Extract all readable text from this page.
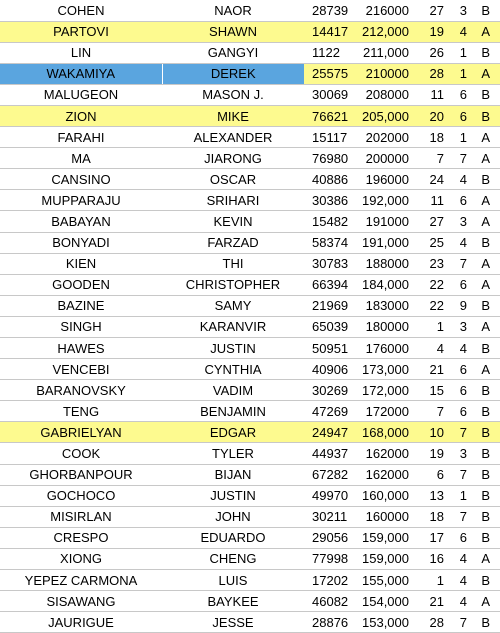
COHEN	NAOR	28739	216000	27	3	B
PARTOVI	SHAWN	14417	212,000	19	4	A
LIN	GANGYI	1122	211,000	26	1	B
WAKAMIYA	DEREK	25575	210000	28	1	A
MALUGEON	MASON J.	30069	208000	11	6	B
ZION	MIKE	76621	205,000	20	6	B
FARAHI	ALEXANDER	15117	202000	18	1	A
MA	JIARONG	76980	200000	7	7	A
CANSINO	OSCAR	40886	196000	24	4	B
MUPPARAJU	SRIHARI	30386	192,000	11	6	A
BABAYAN	KEVIN	15482	191000	27	3	A
BONYADI	FARZAD	58374	191,000	25	4	B
KIEN	THI	30783	188000	23	7	A
GOODEN	CHRISTOPHER	66394	184,000	22	6	A
BAZINE	SAMY	21969	183000	22	9	B
SINGH	KARANVIR	65039	180000	1	3	A
HAWES	JUSTIN	50951	176000	4	4	B
VENCEBI	CYNTHIA	40906	173,000	21	6	A
BARANOVSKY	VADIM	30269	172,000	15	6	B
TENG	BENJAMIN	47269	172000	7	6	B
GABRIELYAN	EDGAR	24947	168,000	10	7	B
COOK	TYLER	44937	162000	19	3	B
GHORBANPOUR	BIJAN	67282	162000	6	7	B
GOCHOCO	JUSTIN	49970	160,000	13	1	B
MISIRLAN	JOHN	30211	160000	18	7	B
CRESPO	EDUARDO	29056	159,000	17	6	B
XIONG	CHENG	77998	159,000	16	4	A
YEPEZ CARMONA	LUIS	17202	155,000	1	4	B
SISAWANG	BAYKEE	46082	154,000	21	4	A
JAURIGUE	JESSE	28876	153,000	28	7	B
